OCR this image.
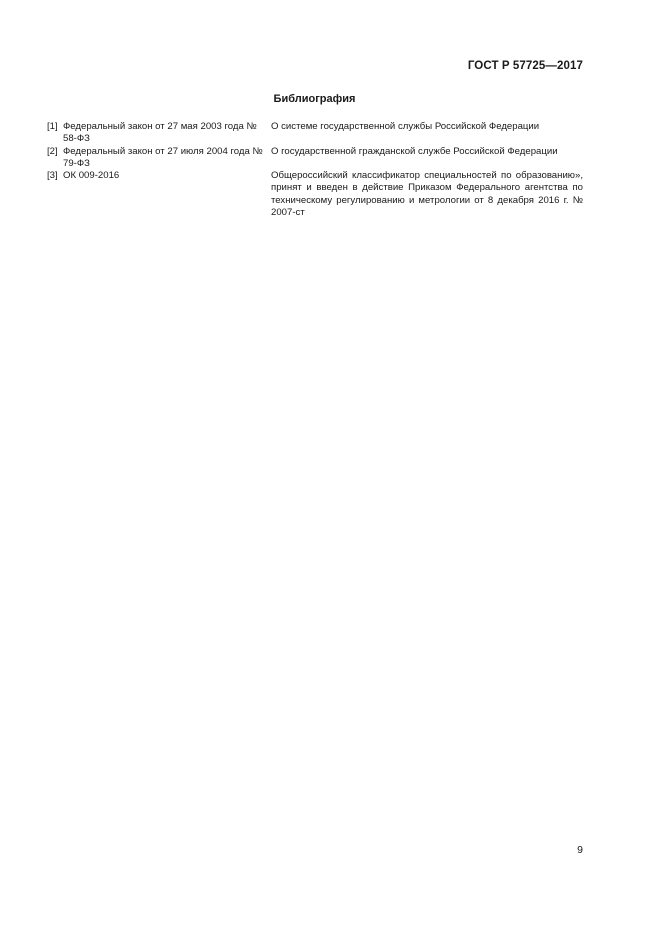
ГОСТ Р 57725—2017
Библиография
[1] Федеральный закон от 27 мая 2003 года № 58-ФЗ
О системе государственной службы Российской Федерации
[2] Федеральный закон от 27 июля 2004 года № 79-ФЗ
О государственной гражданской службе Российской Федерации
[3] ОК 009-2016	Общероссийский классификатор специальностей по образованию», принят и введен в действие Приказом Федерального агентства по техническому регулированию и метрологии от 8 декабря 2016 г. № 2007-ст
9
